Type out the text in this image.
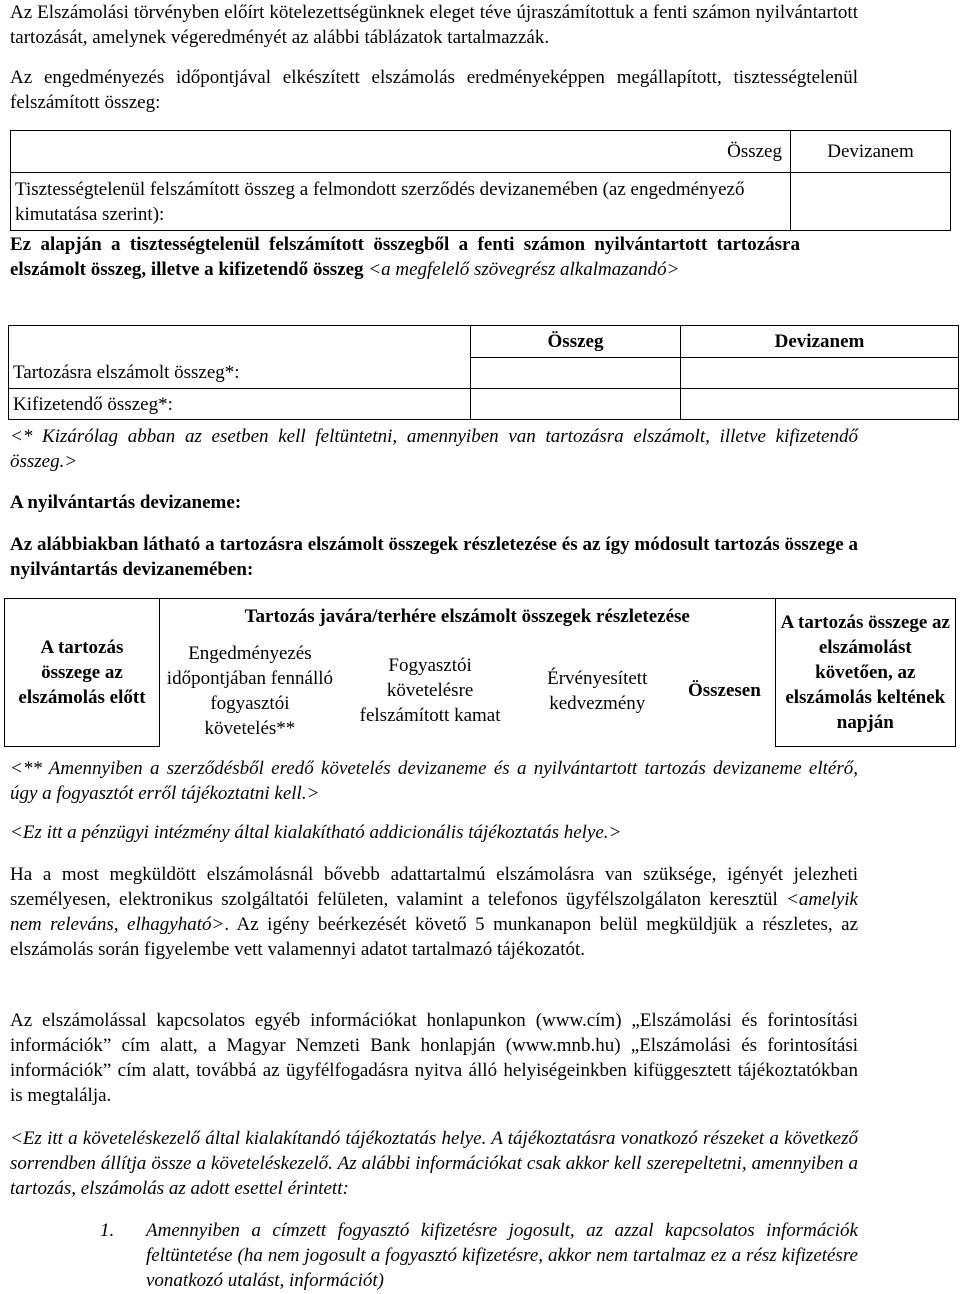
Az Elszámolási törvényben előírt kötelezettségünknek eleget téve újraszámítottuk a fenti számon nyilvántartott tartozását, amelynek végeredményét az alábbi táblázatok tartalmazzák.

Az engedményezés időpontjával elkészített elszámolás eredményeképpen megállapított, tisztességtelenül felszámított összeg:

Összeg	Devizanem
Tisztességtelenül felszámított összeg a felmondott szerződés devizanemében (az engedményező kimutatása szerint):	

Ez alapján a tisztességtelenül felszámított összegből a fenti számon nyilvántartott tartozásra elszámolt összeg, illetve a kifizetendő összeg <a megfelelő szövegrész alkalmazandó>

	Összeg	Devizanem
Tartozásra elszámolt összeg*:		
Kifizetendő összeg*:		

<* Kizárólag abban az esetben kell feltüntetni, amennyiben van tartozásra elszámolt, illetve kifizetendő összeg.>

A nyilvántartás devizaneme:

Az alábbiakban látható a tartozásra elszámolt összegek részletezése és az így módosult tartozás összege a nyilvántartás devizanemében:

A tartozás összege az elszámolás előtt	Tartozás javára/terhére elszámolt összegek részletezése				A tartozás összege az elszámolást követően, az elszámolás keltének napján
	Engedményezés időpontjában fennálló fogyasztói követelés**	Fogyasztói követelésre felszámított kamat	Érvényesített kedvezmény	Összesen	

<** Amennyiben a szerződésből eredő követelés devizaneme és a nyilvántartott tartozás devizaneme eltérő, úgy a fogyasztót erről tájékoztatni kell.>

<Ez itt a pénzügyi intézmény által kialakítható addicionális tájékoztatás helye.>

Ha a most megküldött elszámolásnál bővebb adattartalmú elszámolásra van szüksége, igényét jelezheti személyesen, elektronikus szolgáltatói felületen, valamint a telefonos ügyfélszolgálaton keresztül <amelyik nem releváns, elhagyható>. Az igény beérkezését követő 5 munkanapon belül megküldjük a részletes, az elszámolás során figyelembe vett valamennyi adatot tartalmazó tájékozatót.

Az elszámolással kapcsolatos egyéb információkat honlapunkon (www.cím) „Elszámolási és forintosítási információk” cím alatt, a Magyar Nemzeti Bank honlapján (www.mnb.hu) „Elszámolási és forintosítási információk” cím alatt, továbbá az ügyfélfogadásra nyitva álló helyiségeinkben kifüggesztett tájékoztatókban is megtalálja.

<Ez itt a követeléskezelő által kialakítandó tájékoztatás helye. A tájékoztatásra vonatkozó részeket a következő sorrendben állítja össze a követeléskezelő. Az alábbi információkat csak akkor kell szerepeltetni, amennyiben a tartozás, elszámolás az adott esettel érintett:

1. Amennyiben a címzett fogyasztó kifizetésre jogosult, az azzal kapcsolatos információk feltüntetése (ha nem jogosult a fogyasztó kifizetésre, akkor nem tartalmaz ez a rész kifizetésre vonatkozó utalást, információt)
